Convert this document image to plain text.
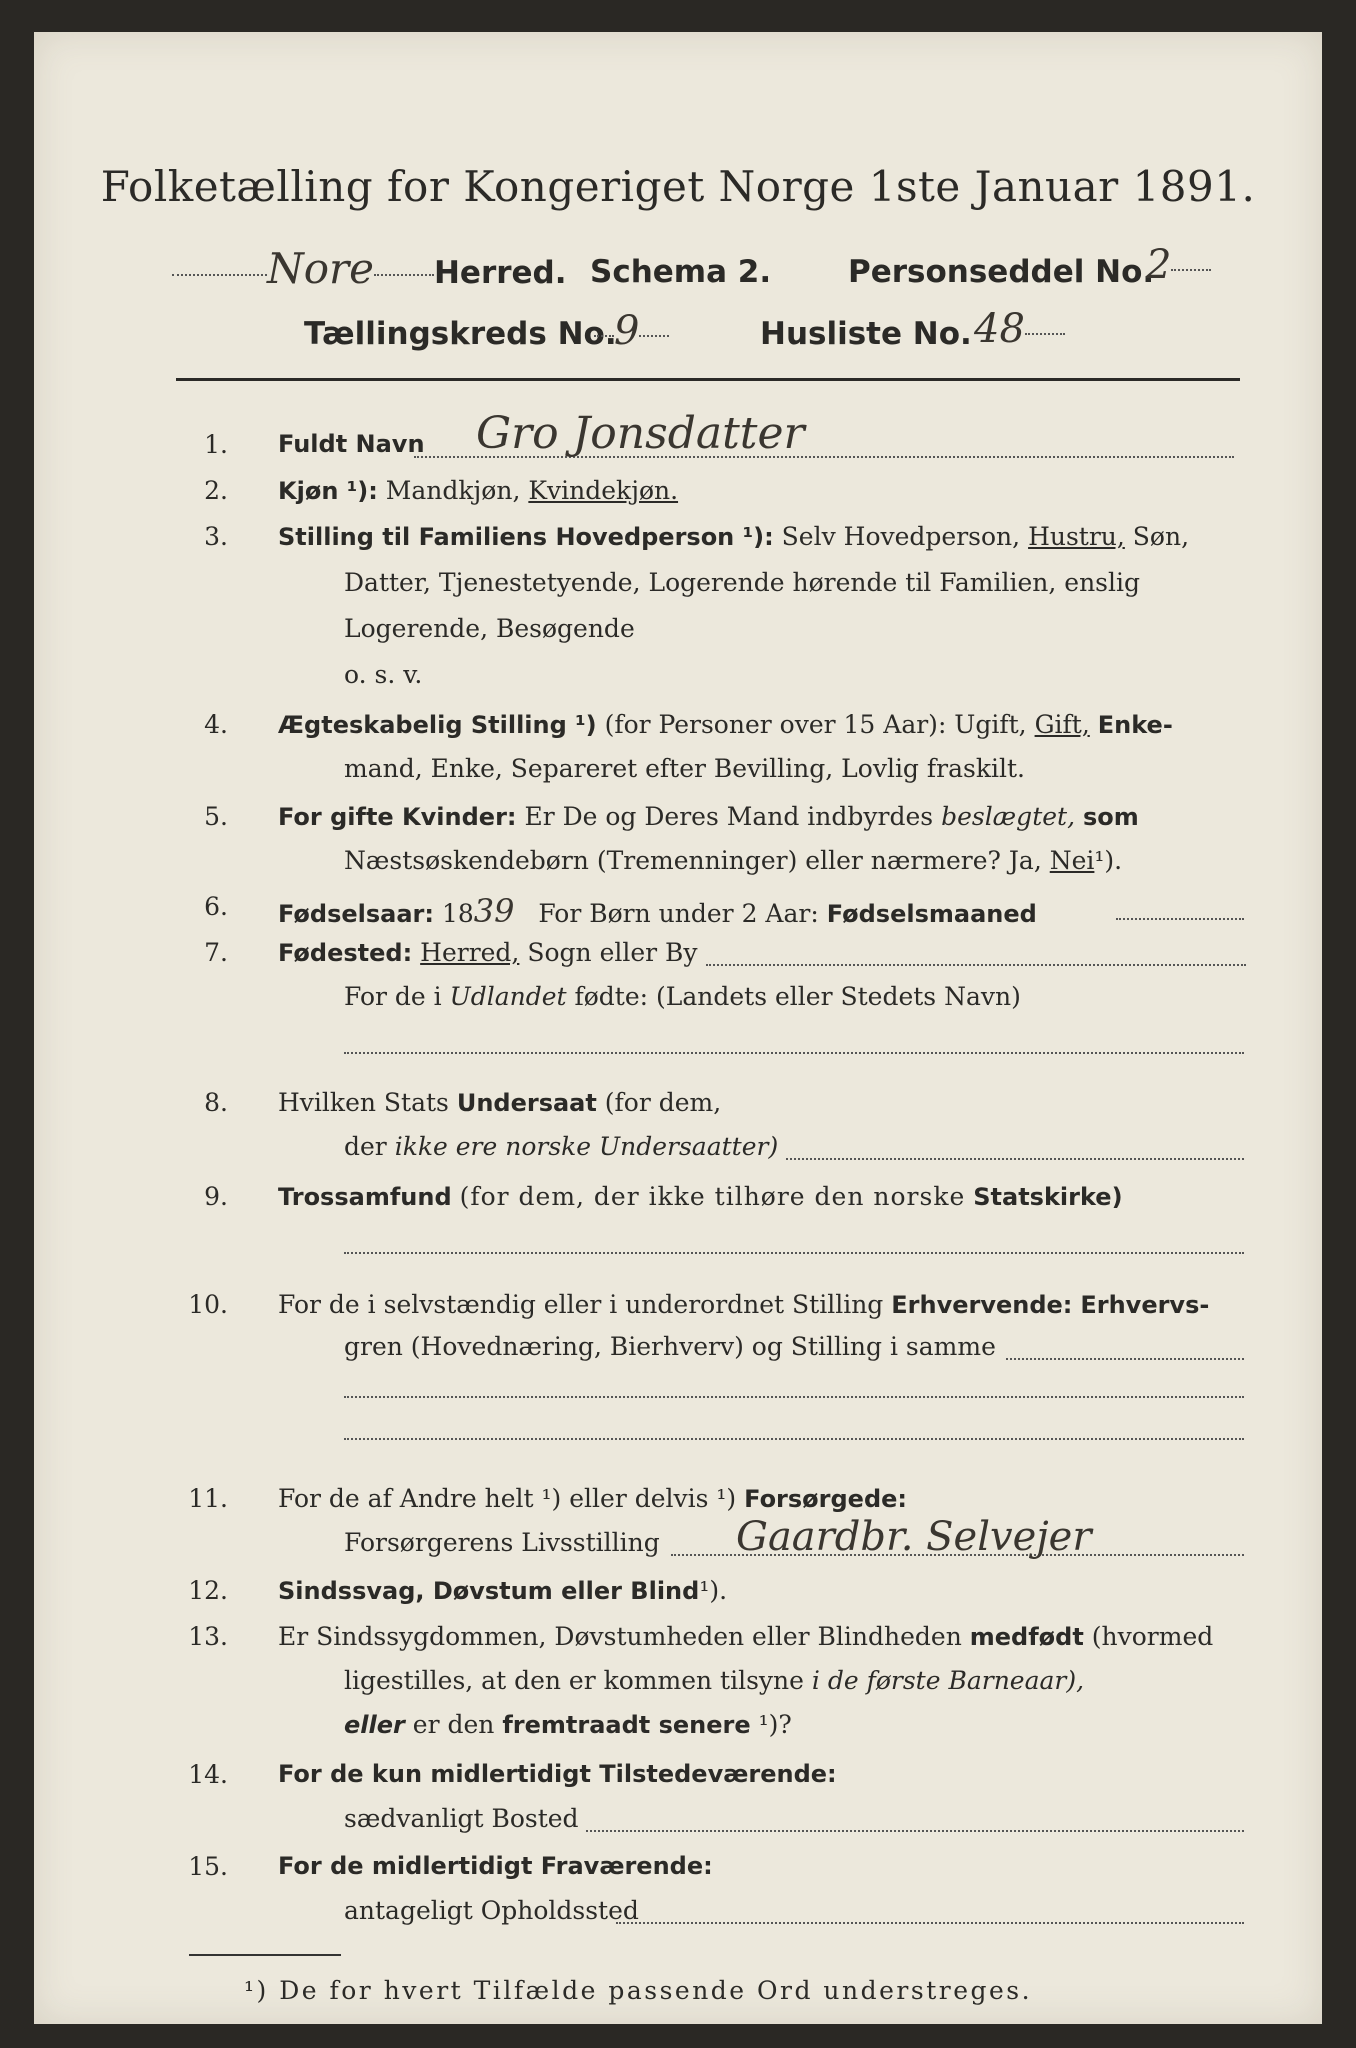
Folketælling for Kongeriget Norge 1ste Januar 1891.
Nore Herred. Schema 2. Personseddel No.
2
Tællingskreds No.
9	Husliste No. 48
1. Fuldt Navn Gro Jonsdatter
2. Kjøn ¹): Mandkjøn, Kvindekjøn.
3. Stilling til Familiens Hovedperson ¹): Selv Hovedperson, Hustru, Søn,
Datter, Tjenestetyende, Logerende hørende til Familien, enslig
Logerende, Besøgende
o. s. v.
4. Ægteskabelig Stilling ¹) (for Personer over 15 Aar): Ugift, Gift, Enke-
mand, Enke, Separeret efter Bevilling, Lovlig fraskilt.
5. For gifte Kvinder: Er De og Deres Mand indbyrdes beslægtet, som
Næstsøskendebørn (Tremenninger) eller nærmere? Ja, Nei¹).
6. Fødselsaar: 1839 For Børn under 2 Aar: Fødselsmaaned
7. Fødested: Herred, Sogn eller By
For de i Udlandet fødte: (Landets eller Stedets Navn)
8. Hvilken Stats Undersaat (for dem,
der ikke ere norske Undersaatter)
9. Trossamfund (for dem, der ikke tilhøre den norske Statskirke)
10. For de i selvstændig eller i underordnet Stilling Erhvervende: Erhvervs-
gren (Hovednæring, Bierhverv) og Stilling i samme
11. For de af Andre helt ¹) eller delvis ¹) Forsørgede:
Forsørgerens Livsstilling Gaardbr. Selvejer
12. Sindssvag, Døvstum eller Blind¹).
13. Er Sindssygdommen, Døvstumheden eller Blindheden medfødt (hvormed
ligestilles, at den er kommen tilsyne i de første Barneaar),
eller er den fremtraadt senere ¹)?
14. For de kun midlertidigt Tilstedeværende:
sædvanligt Bosted
15. For de midlertidigt Fraværende:
antageligt Opholdssted
¹) De for hvert Tilfælde passende Ord understreges.
